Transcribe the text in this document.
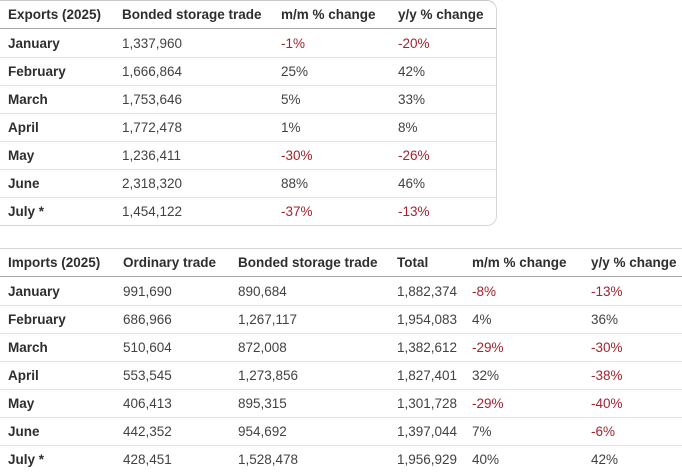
Exports (2025)	Bonded storage trade	m/m % change	y/y % change
January	1,337,960	-1%	-20%
February	1,666,864	25%	42%
March	1,753,646	5%	33%
April	1,772,478	1%	8%
May	1,236,411	-30%	-26%
June	2,318,320	88%	46%
July *	1,454,122	-37%	-13%
Imports (2025)	Ordinary trade	Bonded storage trade	Total	m/m % change	y/y % change
January	991,690	890,684	1,882,374	-8%	-13%
February	686,966	1,267,117	1,954,083	4%	36%
March	510,604	872,008	1,382,612	-29%	-30%
April	553,545	1,273,856	1,827,401	32%	-38%
May	406,413	895,315	1,301,728	-29%	-40%
June	442,352	954,692	1,397,044	7%	-6%
July *	428,451	1,528,478	1,956,929	40%	42%
